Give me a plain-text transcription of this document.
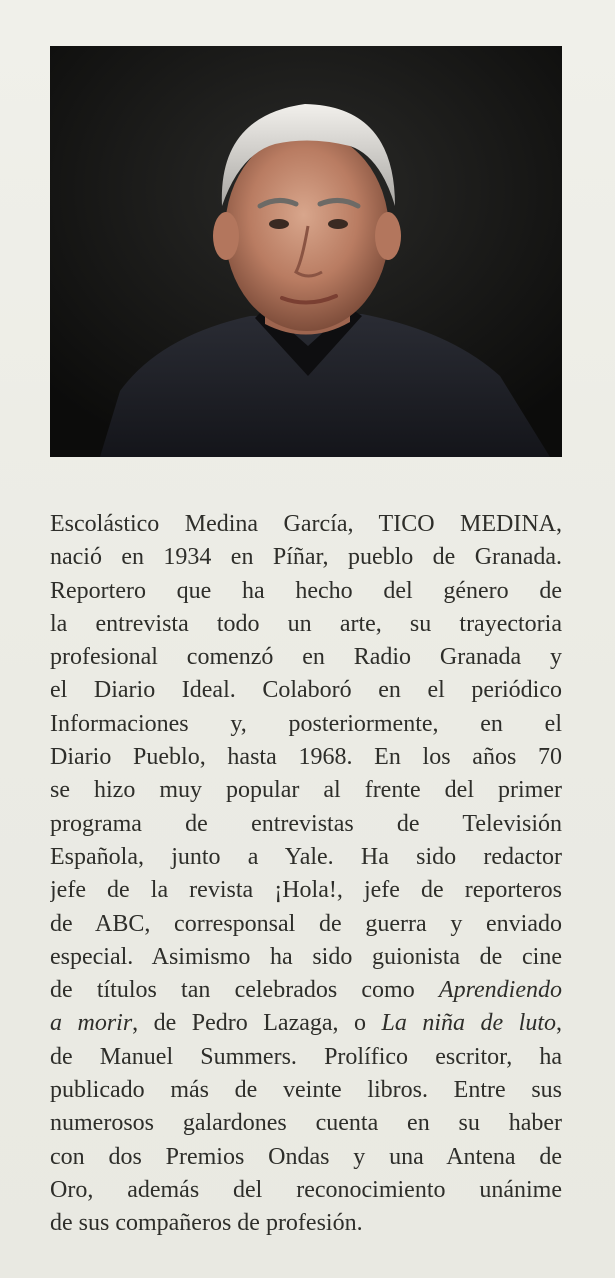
Escolástico Medina García, TICO MEDINA,
nació en 1934 en Píñar, pueblo de Granada.
Reportero que ha hecho del género de
la entrevista todo un arte, su trayectoria
profesional comenzó en Radio Granada y
el Diario Ideal. Colaboró en el periódico
Informaciones y, posteriormente, en el
Diario Pueblo, hasta 1968. En los años 70
se hizo muy popular al frente del primer
programa de entrevistas de Televisión
Española, junto a Yale. Ha sido redactor
jefe de la revista ¡Hola!, jefe de reporteros
de ABC, corresponsal de guerra y enviado
especial. Asimismo ha sido guionista de cine
de títulos tan celebrados como Aprendiendo
a morir, de Pedro Lazaga, o La niña de luto,
de Manuel Summers. Prolífico escritor, ha
publicado más de veinte libros. Entre sus
numerosos galardones cuenta en su haber
con dos Premios Ondas y una Antena de
Oro, además del reconocimiento unánime
de sus compañeros de profesión.
